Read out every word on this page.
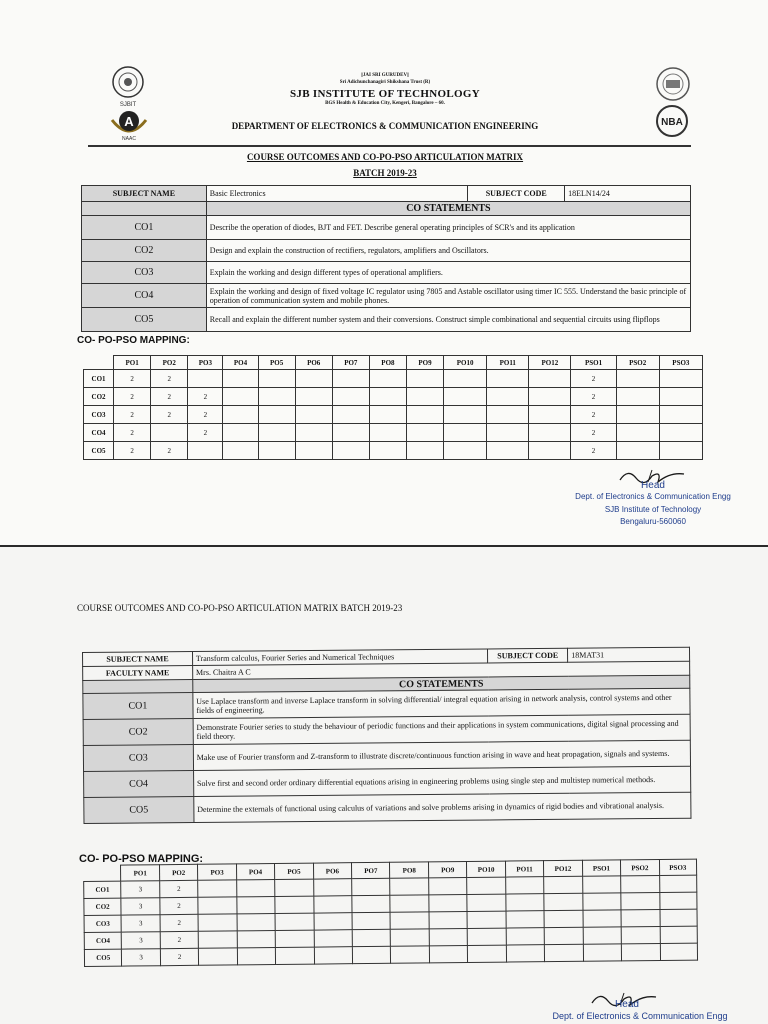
SJBIT
A
NAAC
NBA
||JAI SRI GURUDEV||
Sri Adichunchanagiri Shikshana Trust (R)
SJB INSTITUTE OF TECHNOLOGY
BGS Health & Education City, Kengeri, Bangalore – 60.
DEPARTMENT OF ELECTRONICS & COMMUNICATION ENGINEERING
COURSE OUTCOMES AND CO-PO-PSO ARTICULATION MATRIX
BATCH 2019-23
SUBJECT NAME	Basic Electronics	SUBJECT CODE	18ELN14/24
	CO STATEMENTS		
CO1	Describe the operation of diodes, BJT and FET. Describe general operating principles of SCR's and its application		
CO2	Design and explain the construction of rectifiers, regulators, amplifiers and Oscillators.		
CO3	Explain the working and design different types of operational amplifiers.		
CO4	Explain the working and design of fixed voltage IC regulator using 7805 and Astable oscillator using timer IC 555. Understand the basic principle of operation of communication system and mobile phones.		
CO5	Recall and explain the different number system and their conversions. Construct simple combinational and sequential circuits using flipflops		
CO- PO-PSO MAPPING:
	PO1	PO2	PO3	PO4	PO5	PO6	PO7	PO8	PO9	PO10	PO11	PO12	PSO1	PSO2	PSO3
CO1	2	2											2		
CO2	2	2	2										2		
CO3	2	2	2										2		
CO4	2		2										2		
CO5	2	2											2		
Head
Dept. of Electronics & Communication Engg
SJB Institute of Technology
Bengaluru-560060
COURSE OUTCOMES AND CO-PO-PSO ARTICULATION MATRIX BATCH 2019-23
SUBJECT NAME	Transform calculus, Fourier Series and Numerical Techniques	SUBJECT CODE	18MAT31
FACULTY NAME	Mrs. Chaitra A C		
	CO STATEMENTS		
CO1	Use Laplace transform and inverse Laplace transform in solving differential/ integral equation arising in network analysis, control systems and other fields of engineering.		
CO2	Demonstrate Fourier series to study the behaviour of periodic functions and their applications in system communications, digital signal processing and field theory.		
CO3	Make use of Fourier transform and Z-transform to illustrate discrete/continuous function arising in wave and heat propagation, signals and systems.		
CO4	Solve first and second order ordinary differential equations arising in engineering problems using single step and multistep numerical methods.		
CO5	Determine the externals of functional using calculus of variations and solve problems arising in dynamics of rigid bodies and vibrational analysis.		
CO- PO-PSO MAPPING:
	PO1	PO2	PO3	PO4	PO5	PO6	PO7	PO8	PO9	PO10	PO11	PO12	PSO1	PSO2	PSO3
CO1	3	2													
CO2	3	2													
CO3	3	2													
CO4	3	2													
CO5	3	2													
Head
Dept. of Electronics & Communication Engg
